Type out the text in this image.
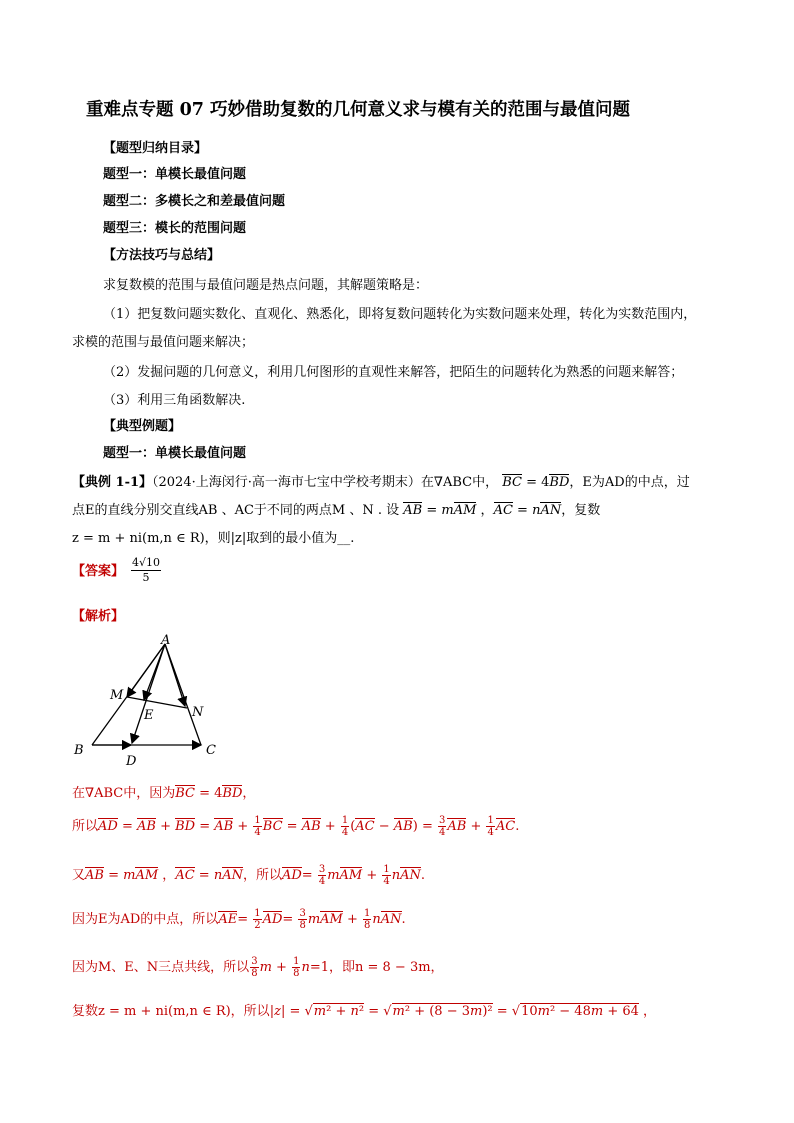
重难点专题 07 巧妙借助复数的几何意义求与模有关的范围与最值问题
【题型归纳目录】
题型一：单模长最值问题
题型二：多模长之和差最值问题
题型三：模长的范围问题
【方法技巧与总结】
求复数模的范围与最值问题是热点问题，其解题策略是：
（1）把复数问题实数化、直观化、熟悉化，即将复数问题转化为实数问题来处理，转化为实数范围内，
求模的范围与最值问题来解决；
（2）发掘问题的几何意义，利用几何图形的直观性来解答，把陌生的问题转化为熟悉的问题来解答；
（3）利用三角函数解决.
【典型例题】
题型一：单模长最值问题
【典例 1-1】（2024·上海闵行·高一海市七宝中学校考期末）在∇ABC中， BC = 4BD，E为AD的中点，过
点E的直线分别交直线AB 、AC于不同的两点M 、N . 设 AB = mAM ，AC = nAN，复数
z = m + ni(m,n ∈ R)，则|z|取到的最小值为__.
【答案】 $\frac{4√10}{5}$
【解析】
A
B	C
D
E
M
N
在∇ABC中，因为BC = 4BD，
所以AD = AB + BD = AB + $\frac{1}{4}$ BC = AB + $\frac{1}{4} (AC - AB) = \frac{3}{4}$ AB + $\frac{1}{4}$ AC.
又AB = mAM ，AC = nAN，所以$AD= \frac{3}{4}$ mAM + $\frac{1}{4}$ nAN.
因为E为AD的中点，所以$AE= \frac{1}{2} AD= \frac{3}{8}$ mAM + $\frac{1}{8}$ nAN.
因为M、E、N三点共线，所以 $\frac{3}{8}$ $m + \frac{1}{8} n=1$，即n = 8 − 3m，
复数z = m + ni(m,n ∈ R)，所以|z| = √m² + n² = √m² + (8 − 3m)² = √10m² − 48m + 64 ，
